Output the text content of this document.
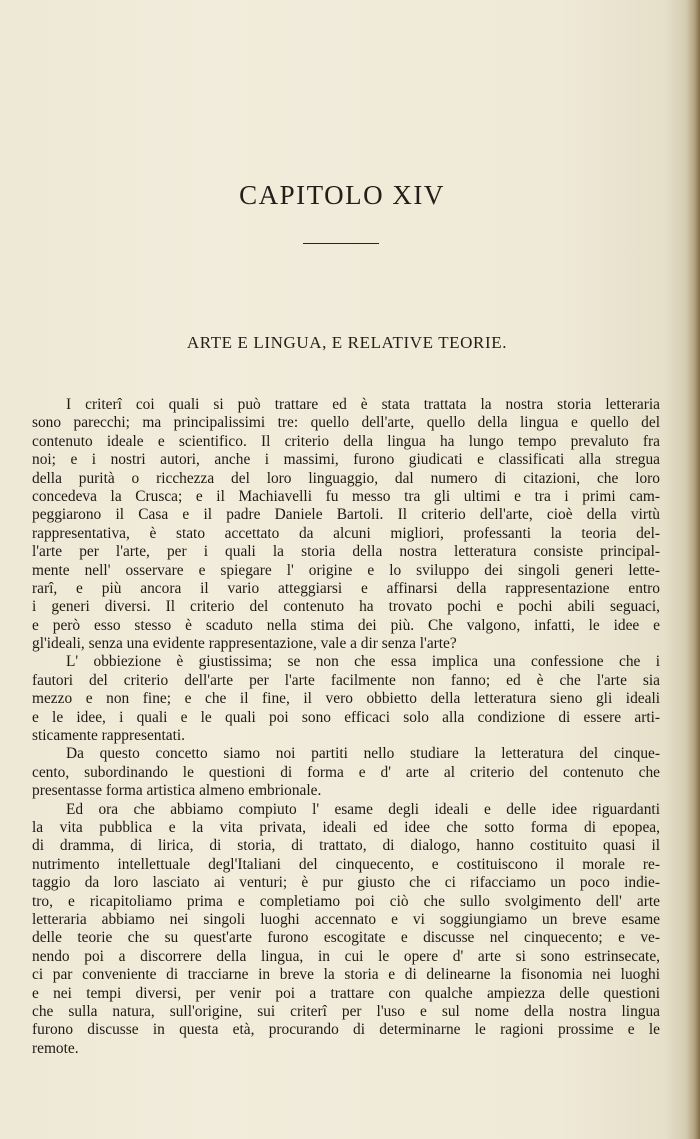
CAPITOLO XIV
ARTE E LINGUA, E RELATIVE TEORIE.
I criterî coi quali si può trattare ed è stata trattata la nostra storia letteraria
sono parecchi; ma principalissimi tre: quello dell'arte, quello della lingua e quello del
contenuto ideale e scientifico. Il criterio della lingua ha lungo tempo prevaluto fra
noi; e i nostri autori, anche i massimi, furono giudicati e classificati alla stregua
della purità o ricchezza del loro linguaggio, dal numero di citazioni, che loro
concedeva la Crusca; e il Machiavelli fu messo tra gli ultimi e tra i primi cam-
peggiarono il Casa e il padre Daniele Bartoli. Il criterio dell'arte, cioè della virtù
rappresentativa, è stato accettato da alcuni migliori, professanti la teoria del-
l'arte per l'arte, per i quali la storia della nostra letteratura consiste principal-
mente nell' osservare e spiegare l' origine e lo sviluppo dei singoli generi lette-
rarî, e più ancora il vario atteggiarsi e affinarsi della rappresentazione entro
i generi diversi. Il criterio del contenuto ha trovato pochi e pochi abili seguaci,
e però esso stesso è scaduto nella stima dei più. Che valgono, infatti, le idee e
gl'ideali, senza una evidente rappresentazione, vale a dir senza l'arte?
L' obbiezione è giustissima; se non che essa implica una confessione che i
fautori del criterio dell'arte per l'arte facilmente non fanno; ed è che l'arte sia
mezzo e non fine; e che il fine, il vero obbietto della letteratura sieno gli ideali
e le idee, i quali e le quali poi sono efficaci solo alla condizione di essere arti-
sticamente rappresentati.
Da questo concetto siamo noi partiti nello studiare la letteratura del cinque-
cento, subordinando le questioni di forma e d' arte al criterio del contenuto che
presentasse forma artistica almeno embrionale.
Ed ora che abbiamo compiuto l' esame degli ideali e delle idee riguardanti
la vita pubblica e la vita privata, ideali ed idee che sotto forma di epopea,
di dramma, di lirica, di storia, di trattato, di dialogo, hanno costituito quasi il
nutrimento intellettuale degl'Italiani del cinquecento, e costituiscono il morale re-
taggio da loro lasciato ai venturi; è pur giusto che ci rifacciamo un poco indie-
tro, e ricapitoliamo prima e completiamo poi ciò che sullo svolgimento dell' arte
letteraria abbiamo nei singoli luoghi accennato e vi soggiungiamo un breve esame
delle teorie che su quest'arte furono escogitate e discusse nel cinquecento; e ve-
nendo poi a discorrere della lingua, in cui le opere d' arte si sono estrinsecate,
ci par conveniente di tracciarne in breve la storia e di delinearne la fisonomia nei luoghi
e nei tempi diversi, per venir poi a trattare con qualche ampiezza delle questioni
che sulla natura, sull'origine, sui criterî per l'uso e sul nome della nostra lingua
furono discusse in questa età, procurando di determinarne le ragioni prossime e le
remote.
